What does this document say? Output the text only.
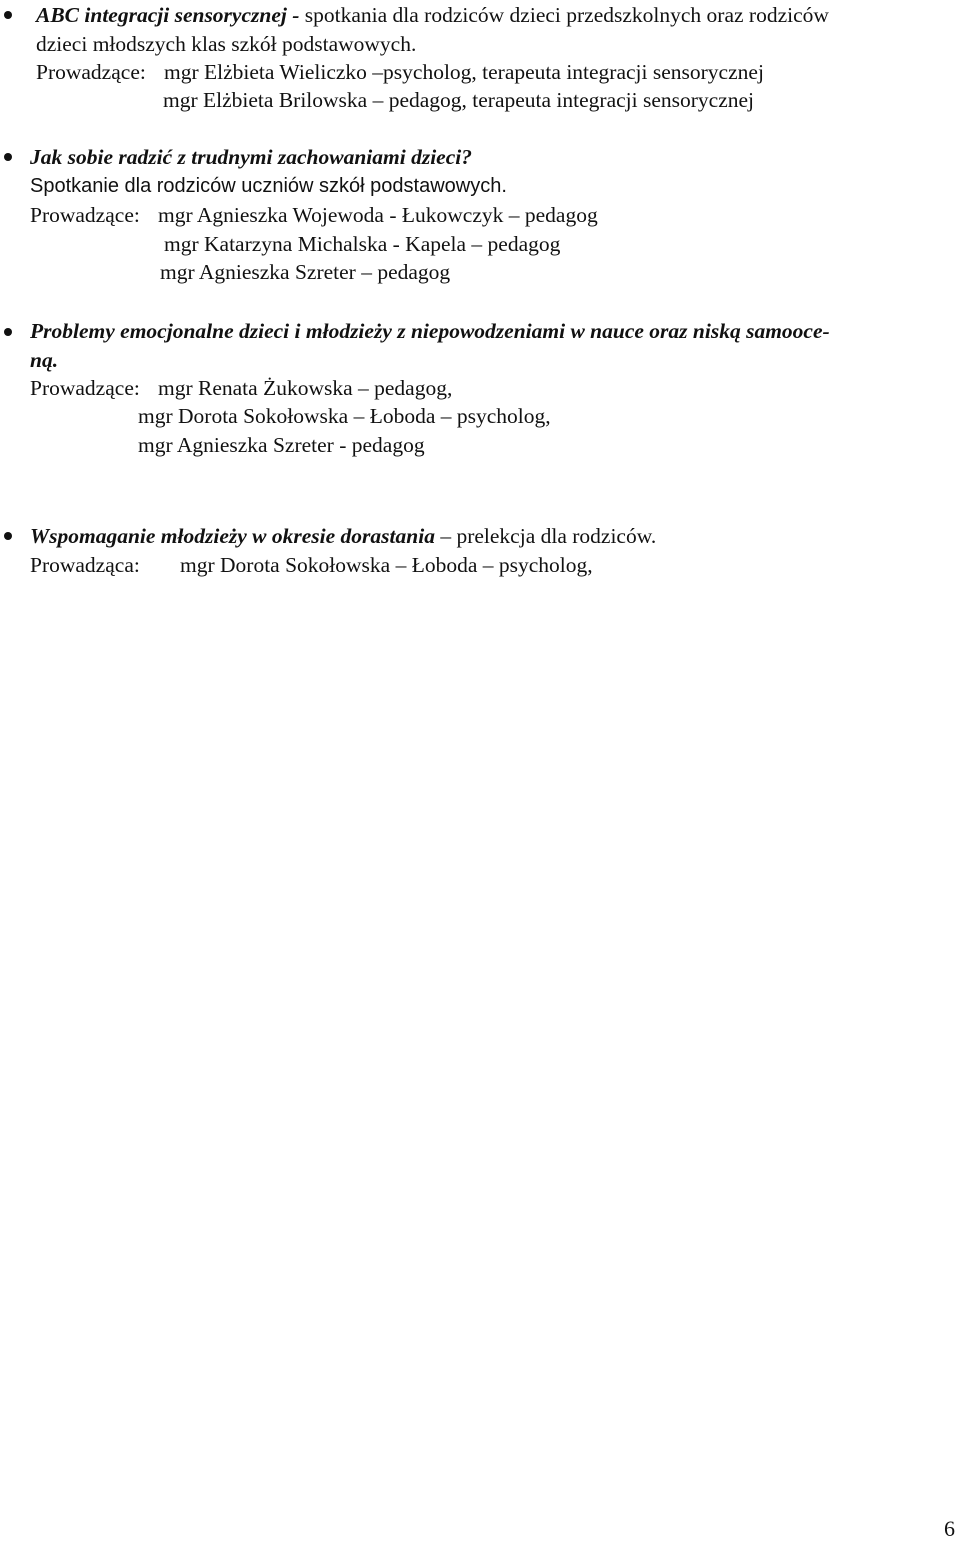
ABC integracji sensorycznej - spotkania dla rodziców dzieci przedszkolnych oraz rodziców
dzieci młodszych klas szkół podstawowych.
Prowadzące: mgr Elżbieta Wieliczko –psycholog, terapeuta integracji sensorycznej
mgr Elżbieta Brilowska – pedagog, terapeuta integracji sensorycznej
Jak sobie radzić z trudnymi zachowaniami dzieci?
Spotkanie dla rodziców uczniów szkół podstawowych.
Prowadzące: mgr Agnieszka Wojewoda - Łukowczyk – pedagog
mgr Katarzyna Michalska - Kapela – pedagog
mgr Agnieszka Szreter – pedagog
Problemy emocjonalne dzieci i młodzieży z niepowodzeniami w nauce oraz niską samooce-
ną.
Prowadzące: mgr Renata Żukowska – pedagog,
mgr Dorota Sokołowska – Łoboda – psycholog,
mgr Agnieszka Szreter - pedagog
Wspomaganie młodzieży w okresie dorastania – prelekcja dla rodziców.
Prowadząca: mgr Dorota Sokołowska – Łoboda – psycholog,
6
